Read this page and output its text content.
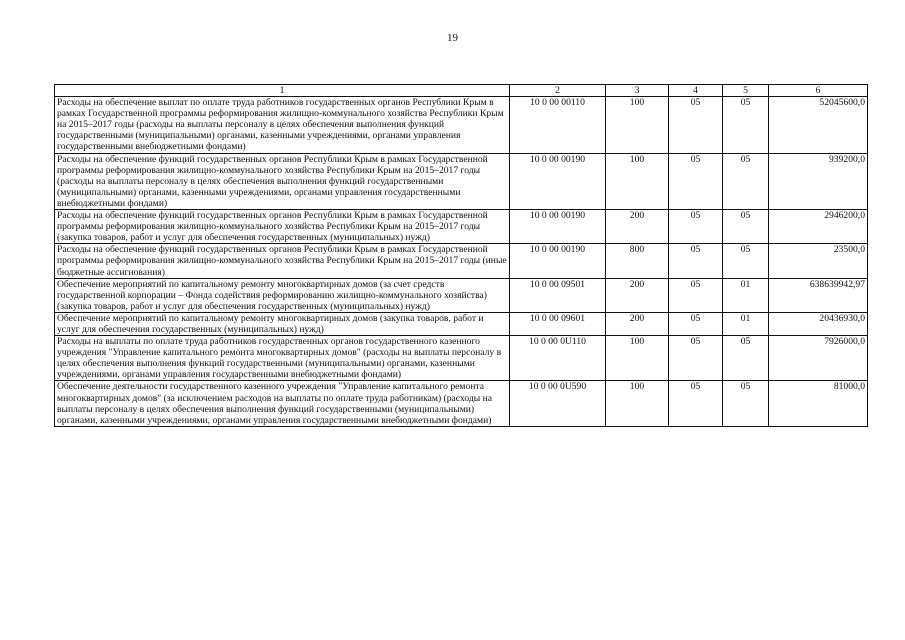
19
1	2	3	4	5	6
Расходы на обеспечение выплат по оплате труда работников государственных органов Республики Крым в рамках Государственной программы реформирования жилищно-коммунального хозяйства Республики Крым на 2015–2017 годы (расходы на выплаты персоналу в целях обеспечения выполнения функций государственными (муниципальными) органами, казенными учреждениями, органами управления государственными внебюджетными фондами)	10 0 00 00110	100	05	05	52045600,0
Расходы на обеспечение функций государственных органов Республики Крым в рамках Государственной программы реформирования жилищно-коммунального хозяйства Республики Крым на 2015–2017 годы (расходы на выплаты персоналу в целях обеспечения выполнения функций государственными (муниципальными) органами, казенными учреждениями, органами управления государственными внебюджетными фондами)	10 0 00 00190	100	05	05	939200,0
Расходы на обеспечение функций государственных органов Республики Крым в рамках Государственной программы реформирования жилищно-коммунального хозяйства Республики Крым на 2015–2017 годы (закупка товаров, работ и услуг для обеспечения государственных (муниципальных) нужд)	10 0 00 00190	200	05	05	2946200,0
Расходы на обеспечение функций государственных органов Республики Крым в рамках Государственной программы реформирования жилищно-коммунального хозяйства Республики Крым на 2015–2017 годы (иные бюджетные ассигнования)	10 0 00 00190	800	05	05	23500,0
Обеспечение мероприятий по капитальному ремонту многоквартирных домов (за счет средств государственной корпорации – Фонда содействия реформированию жилищно-коммунального хозяйства) (закупка товаров, работ и услуг для обеспечения государственных (муниципальных) нужд)	10 0 00 09501	200	05	01	638639942,97
Обеспечение мероприятий по капитальному ремонту многоквартирных домов (закупка товаров, работ и услуг для обеспечения государственных (муниципальных) нужд)	10 0 00 09601	200	05	01	20436930,0
Расходы на выплаты по оплате труда работников государственных органов государственного казенного учреждения "Управление капитального ремонта многоквартирных домов" (расходы на выплаты персоналу в целях обеспечения выполнения функций государственными (муниципальными) органами, казенными учреждениями, органами управления государственными внебюджетными фондами)	10 0 00 0U110	100	05	05	7926000,0
Обеспечение деятельности государственного казенного учреждения "Управление капитального ремонта многоквартирных домов" (за исключением расходов на выплаты по оплате труда работникам) (расходы на выплаты персоналу в целях обеспечения выполнения функций государственными (муниципальными) органами, казенными учреждениями, органами управления государственными внебюджетными фондами)	10 0 00 0U590	100	05	05	81000,0
